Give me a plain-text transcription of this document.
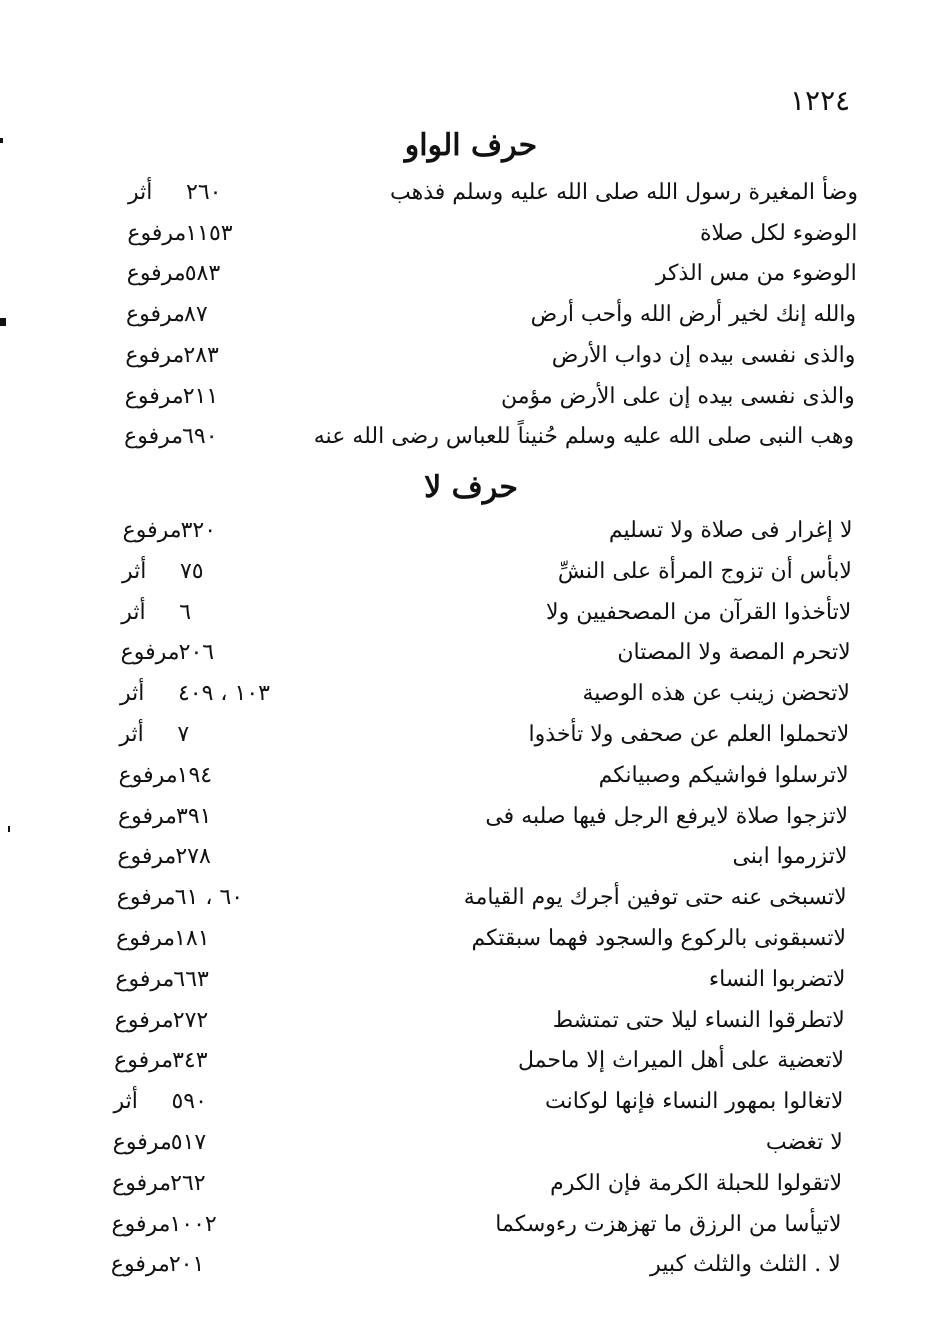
١٢٢٤
حرف الواو
وضأ المغيرة رسول الله صلى الله عليه وسلم فذهب
٢٦٠
أثر
الوضوء لكل صلاة
١١٥٣
مرفوع
الوضوء من مس الذكر
٥٨٣
مرفوع
والله إنك لخير أرض الله وأحب أرض
٨٧
مرفوع
والذى نفسى بيده إن دواب الأرض
٢٨٣
مرفوع
والذى نفسى بيده إن على الأرض مؤمن
٢١١
مرفوع
وهب النبى صلى الله عليه وسلم حُنيناً للعباس رضى الله عنه
٦٩٠
مرفوع
حرف لا
لا إغرار فى صلاة ولا تسليم
٣٢٠
مرفوع
لابأس أن تزوج المرأة على النشِّ
٧٥
أثر
لاتأخذوا القرآن من المصحفيين ولا
٦
أثر
لاتحرم المصة ولا المصتان
٢٠٦
مرفوع
لاتحضن زينب عن هذه الوصية
١٠٣ ، ٤٠٩
أثر
لاتحملوا العلم عن صحفى ولا تأخذوا
٧
أثر
لاترسلوا فواشيكم وصبيانكم
١٩٤
مرفوع
لاتزجوا صلاة لايرفع الرجل فيها صلبه فى
٣٩١
مرفوع
لاتزرموا ابنى
٢٧٨
مرفوع
لاتسبخى عنه حتى توفين أجرك يوم القيامة
٦٠ ، ٦١
مرفوع
لاتسبقونى بالركوع والسجود فهما سبقتكم
١٨١
مرفوع
لاتضربوا النساء
٦٦٣
مرفوع
لاتطرقوا النساء ليلا حتى تمتشط
٢٧٢
مرفوع
لاتعضية على أهل الميراث إلا ماحمل
٣٤٣
مرفوع
لاتغالوا بمهور النساء فإنها لوكانت
٥٩٠
أثر
لا تغضب
٥١٧
مرفوع
لاتقولوا للحبلة الكرمة فإن الكرم
٢٦٢
مرفوع
لاتيأسا من الرزق ما تهزهزت رءوسكما
١٠٠٢
مرفوع
لا . الثلث والثلث كبير
٢٠١
مرفوع
